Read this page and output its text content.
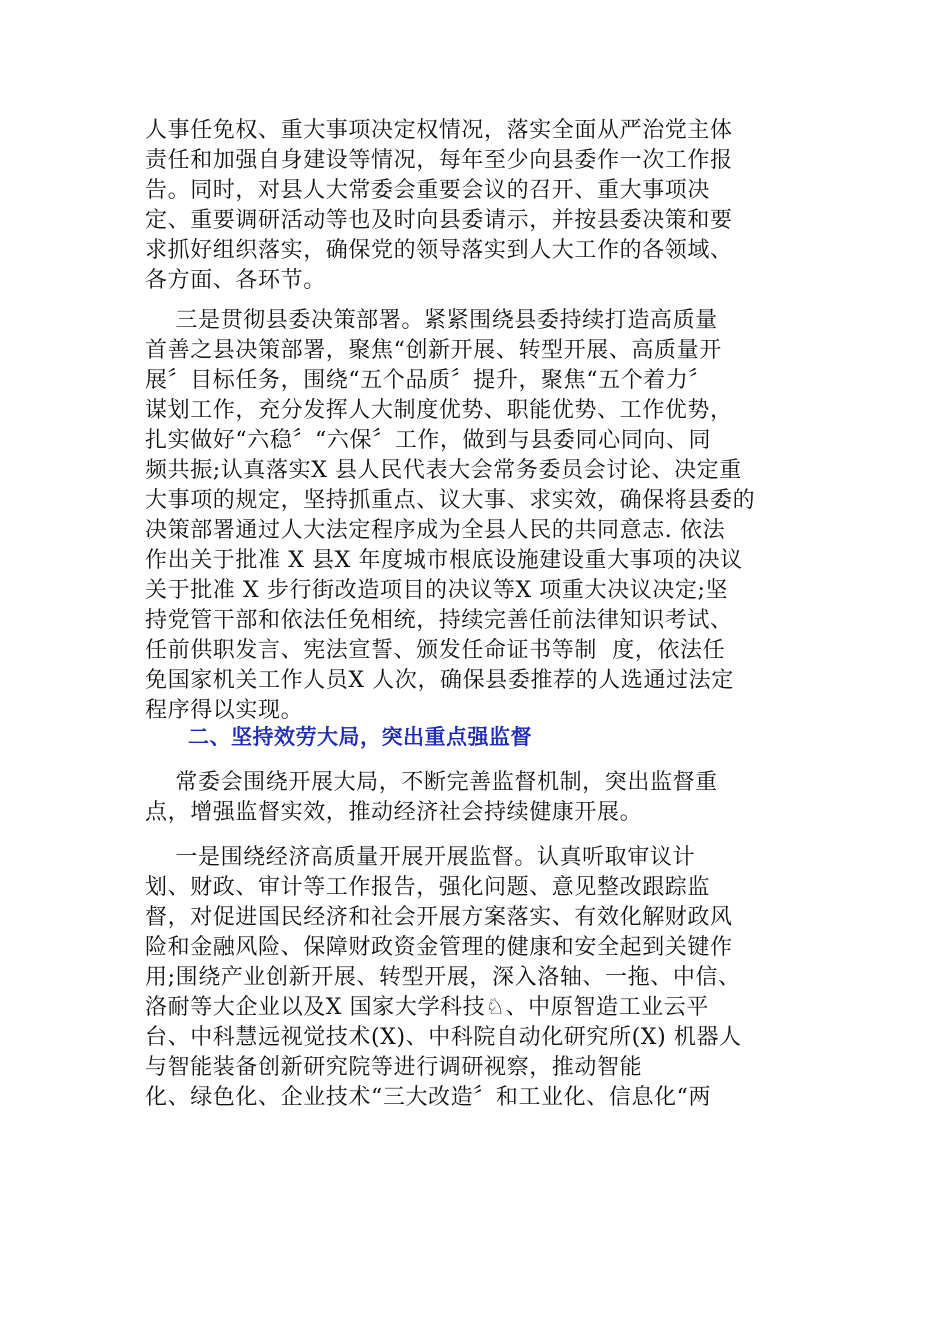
人事任免权、重大事项决定权情况，落实全面从严治党主体
责任和加强自身建设等情况，每年至少向县委作一次工作报
告。同时，对县人大常委会重要会议的召开、重大事项决
定、重要调研活动等也及时向县委请示，并按县委决策和要
求抓好组织落实，确保党的领导落实到人大工作的各领域、
各方面、各环节。
三是贯彻县委决策部署。紧紧围绕县委持续打造高质量
首善之县决策部署，聚焦“创新开展、转型开展、高质量开
展〞目标任务，围绕“五个品质〞提升，聚焦“五个着力〞
谋划工作，充分发挥人大制度优势、职能优势、工作优势，
扎实做好“六稳〞“六保〞工作，做到与县委同心同向、同
频共振;认真落实X 县人民代表大会常务委员会讨论、决定重
大事项的规定，坚持抓重点、议大事、求实效，确保将县委的
决策部署通过人大法定程序成为全县人民的共同意志. 依法
作出关于批准 X 县X 年度城市根底设施建设重大事项的决议
关于批准 X 步行街改造项目的决议等X 项重大决议决定;坚
持党管干部和依法任免相统，持续完善任前法律知识考试、
任前供职发言、宪法宣誓、颁发任命证书等制  度，依法任
免国家机关工作人员X 人次，确保县委推荐的人选通过法定
程序得以实现。
二、坚持效劳大局，突出重点强监督
常委会围绕开展大局，不断完善监督机制，突出监督重
点，增强监督实效，推动经济社会持续健康开展。
一是围绕经济高质量开展开展监督。认真听取审议计
划、财政、审计等工作报告，强化问题、意见整改跟踪监
督，对促进国民经济和社会开展方案落实、有效化解财政风
险和金融风险、保障财政资金管理的健康和安全起到关键作
用;围绕产业创新开展、转型开展，深入洛轴、一拖、中信、
洛耐等大企业以及X 国家大学科技♘、中原智造工业云平
台、中科慧远视觉技术(X)、中科院自动化研究所(X) 机器人
与智能装备创新研究院等进行调研视察，推动智能
化、绿色化、企业技术“三大改造〞和工业化、信息化“两
